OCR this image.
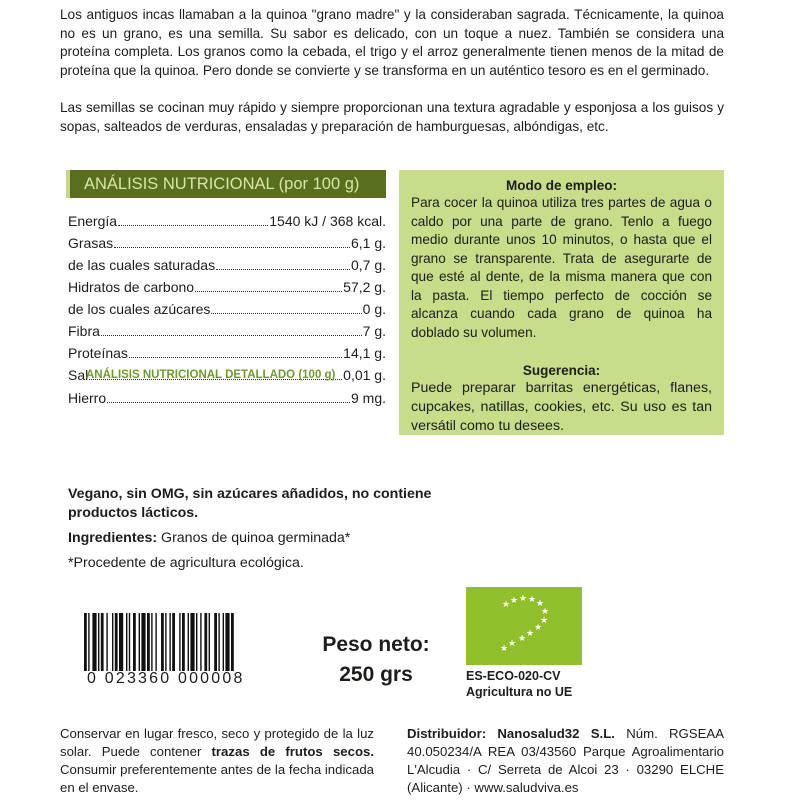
Los antiguos incas llamaban a la quinoa "grano madre" y la consideraban sagrada. Técnicamente, la quinoa no es un grano, es una semilla. Su sabor es delicado, con un toque a nuez. También se considera una proteína completa. Los granos como la cebada, el trigo y el arroz generalmente tienen menos de la mitad de proteína que la quinoa. Pero donde se convierte y se transforma en un auténtico tesoro es en el germinado.

Las semillas se cocinan muy rápido y siempre proporcionan una textura agradable y esponjosa a los guisos y sopas, salteados de verduras, ensaladas y preparación de hamburguesas, albóndigas, etc.

ANÁLISIS NUTRICIONAL (por 100 g)
Energía	1540 kJ / 368 kcal.
Grasas	6,1 g.
de las cuales saturadas	0,7 g.
Hidratos de carbono	57,2 g.
de los cuales azúcares	0 g.
Fibra	7 g.
Proteínas	14,1 g.
Sal	0,01 g.
ANÁLISIS NUTRICIONAL DETALLADO (100 g)
Hierro	9 mg.
Modo de empleo:
Para cocer la quinoa utiliza tres partes de agua o caldo por una parte de grano. Tenlo a fuego medio durante unos 10 minutos, o hasta que el grano se transparente. Trata de asegurarte de que esté al dente, de la misma manera que con la pasta. El tiempo perfecto de cocción se alcanza cuando cada grano de quinoa ha doblado su volumen.
Sugerencia:
Puede preparar barritas energéticas, flanes, cupcakes, natillas, cookies, etc. Su uso es tan versátil como tu desees.
Vegano, sin OMG, sin azúcares añadidos, no contiene productos lácticos.
Ingredientes: Granos de quinoa germinada*
*Procedente de agricultura ecológica.
0 023360 000008
Peso neto:
250 grs
★ ★ ★ ★ ★
★
★
★
★
★
★
★
ES-ECO-020-CV
Agricultura no UE

Conservar en lugar fresco, seco y protegido de la luz solar. Puede contener trazas de frutos secos. Consumir preferentemente antes de la fecha indicada en el envase.

Distribuidor: Nanosalud32 S.L. Núm. RGSEAA 40.050234/A REA 03/43560 Parque Agroalimentario L'Alcudia · C/ Serreta de Alcoi 23 · 03290 ELCHE (Alicante) · www.saludviva.es
